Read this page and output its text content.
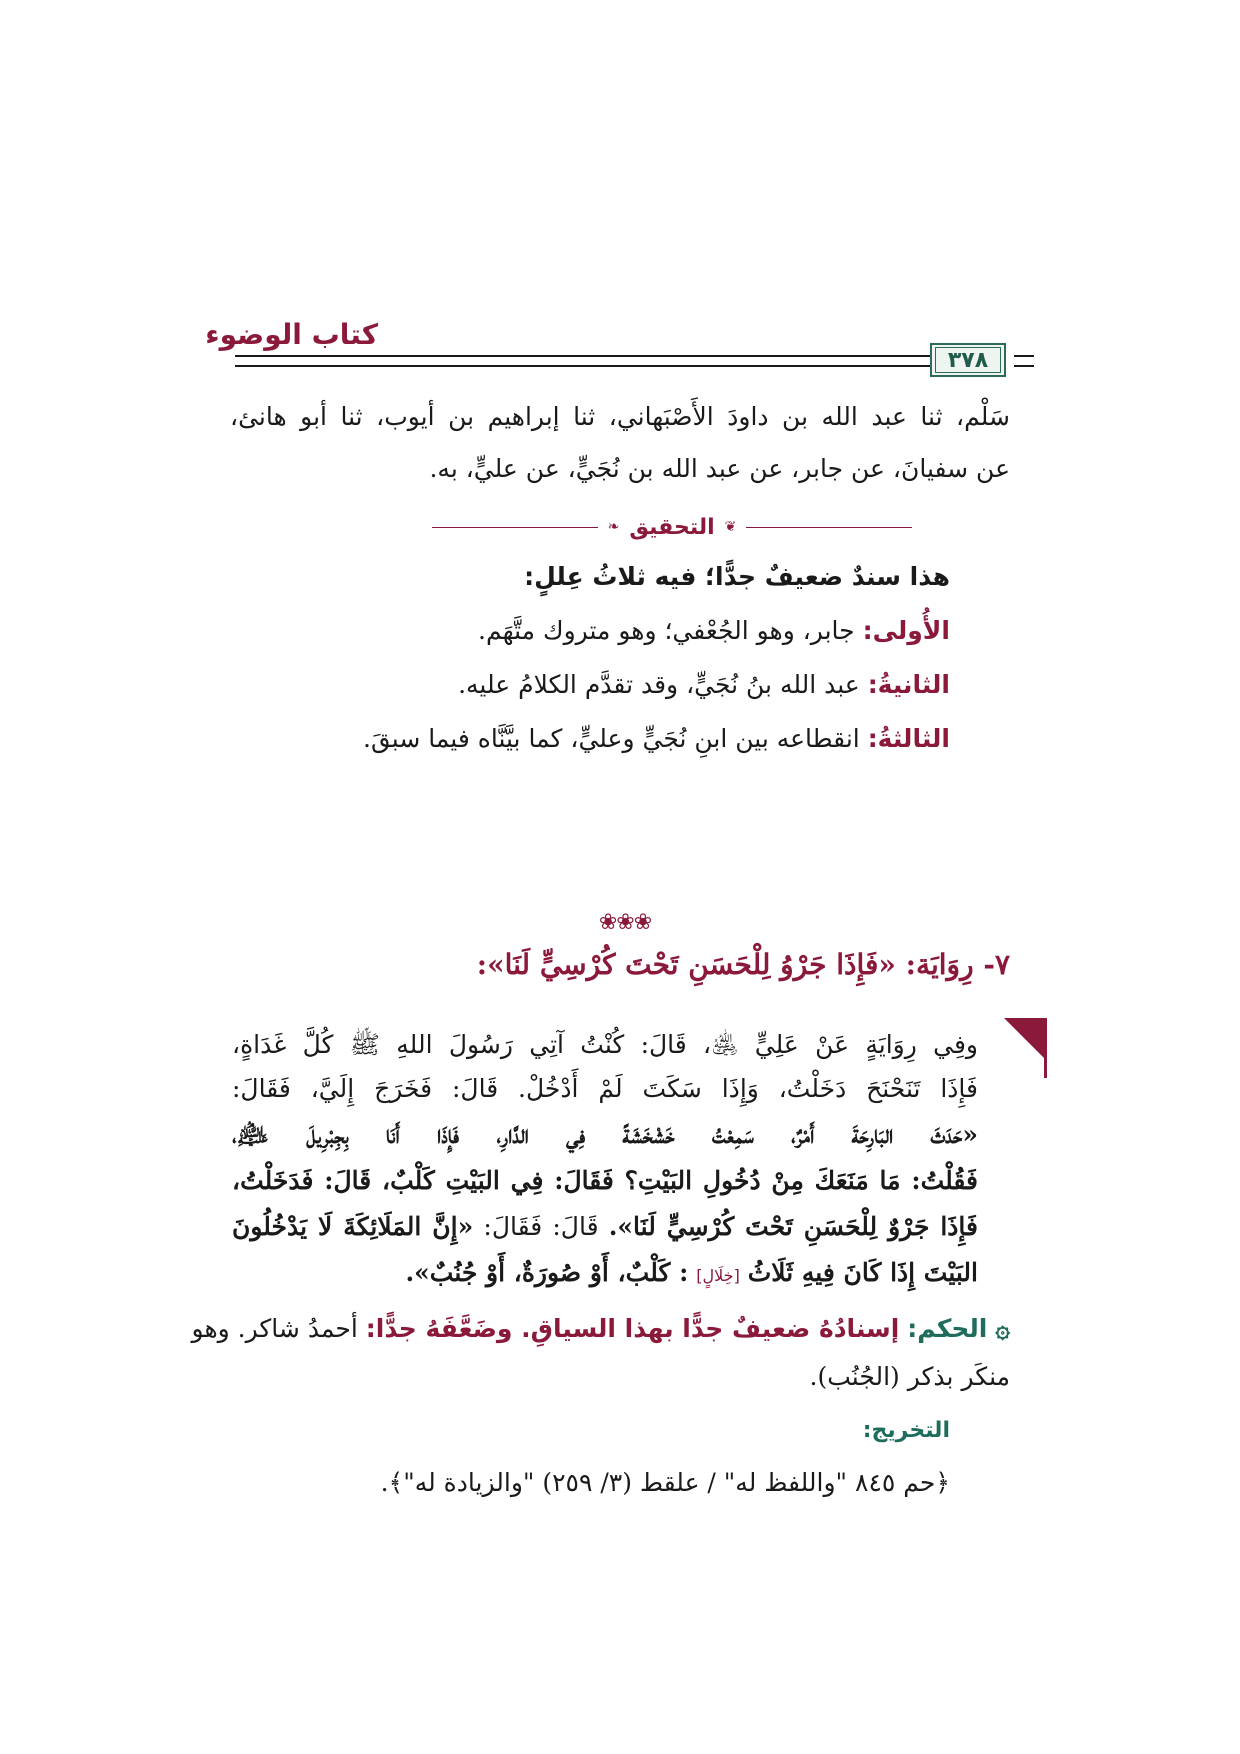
كتاب الوضوء
٣٧٨
سَلْم، ثنا عبد الله بن داودَ الأَصْبَهاني، ثنا إبراهيم بن أيوب، ثنا أبو هانئ،
عن سفيانَ، عن جابر، عن عبد الله بن نُجَيٍّ، عن عليٍّ، به.
❦
التحقيق
❧
هذا سندٌ ضعيفٌ جدًّا؛ فيه ثلاثُ عِللٍ:
الأُولى: جابر، وهو الجُعْفي؛ وهو متروك متَّهَم.
الثانيةُ: عبد الله بنُ نُجَيٍّ، وقد تقدَّم الكلامُ عليه.
الثالثةُ: انقطاعه بين ابنِ نُجَيٍّ وعليٍّ، كما بيَّنَّاه فيما سبقَ.
❀❀❀
٧- رِوَايَة: «فَإِذَا جَرْوُ لِلْحَسَنِ تَحْتَ كُرْسِيٍّ لَنَا»:
وفِي رِوَايَةٍ عَنْ عَلِيٍّ ﵁، قَالَ: كُنْتُ آتِي رَسُولَ اللهِ ﷺ كُلَّ غَدَاةٍ،
فَإِذَا تَنَحْنَحَ دَخَلْتُ، وَإِذَا سَكَتَ لَمْ أَدْخُلْ. قَالَ: فَخَرَجَ إِلَيَّ، فَقَالَ:
«حَدَثَ البَارِحَةَ أَمْرٌ، سَمِعْتُ خَشْخَشَةً فِي الدَّارِ، فَإِذَا أَنَا بِجِبْرِيلَ ﵇،
فَقُلْتُ: مَا مَنَعَكَ مِنْ دُخُولِ البَيْتِ؟ فَقَالَ: فِي البَيْتِ كَلْبٌ، قَالَ: فَدَخَلْتُ،
فَإِذَا جَرْوٌ لِلْحَسَنِ تَحْتَ كُرْسِيٍّ لَنَا». قَالَ: فَقَالَ: «إِنَّ المَلَائِكَةَ لَا يَدْخُلُونَ
البَيْتَ إِذَا كَانَ فِيهِ ثَلَاثُ [خِلَالٍ] : كَلْبٌ، أَوْ صُورَةٌ، أَوْ جُنُبٌ».
۞ الحكم: إسنادُهُ ضعيفٌ جدًّا بهذا السياقِ. وضَعَّفَهُ جدًّا: أحمدُ شاكر. وهو
منكَر بذكر (الجُنُب).
التخريج:
﴿حم ٨٤٥ "واللفظ له" / علقط (٣/ ٢٥٩) "والزيادة له"﴾.
